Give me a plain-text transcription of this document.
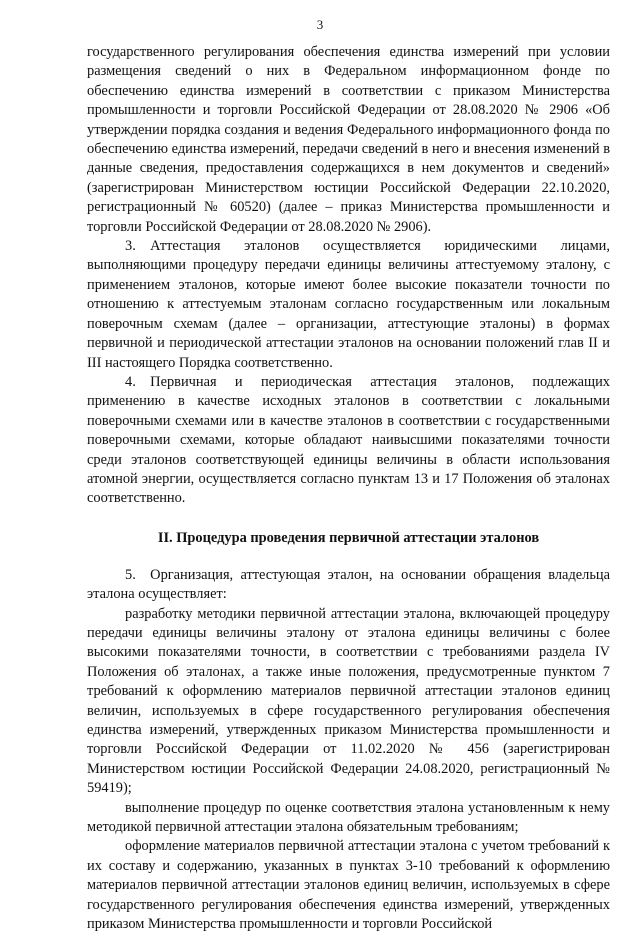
3

государственного регулирования обеспечения единства измерений при условии размещения сведений о них в Федеральном информационном фонде по обеспечению единства измерений в соответствии с приказом Министерства промышленности и торговли Российской Федерации от 28.08.2020 № 2906 «Об утверждении порядка создания и ведения Федерального информационного фонда по обеспечению единства измерений, передачи сведений в него и внесения изменений в данные сведения, предоставления содержащихся в нем документов и сведений» (зарегистрирован Министерством юстиции Российской Федерации 22.10.2020, регистрационный № 60520) (далее – приказ Министерства промышленности и торговли Российской Федерации от 28.08.2020 № 2906).

3. Аттестация эталонов осуществляется юридическими лицами, выполняющими процедуру передачи единицы величины аттестуемому эталону, с применением эталонов, которые имеют более высокие показатели точности по отношению к аттестуемым эталонам согласно государственным или локальным поверочным схемам (далее – организации, аттестующие эталоны) в формах первичной и периодической аттестации эталонов на основании положений глав II и III настоящего Порядка соответственно.

4. Первичная и периодическая аттестация эталонов, подлежащих применению в качестве исходных эталонов в соответствии с локальными поверочными схемами или в качестве эталонов в соответствии с государственными поверочными схемами, которые обладают наивысшими показателями точности среди эталонов соответствующей единицы величины в области использования атомной энергии, осуществляется согласно пунктам 13 и 17 Положения об эталонах соответственно.

II. Процедура проведения первичной аттестации эталонов

5. Организация, аттестующая эталон, на основании обращения владельца эталона осуществляет:

разработку методики первичной аттестации эталона, включающей процедуру передачи единицы величины эталону от эталона единицы величины с более высокими показателями точности, в соответствии с требованиями раздела IV Положения об эталонах, а также иные положения, предусмотренные пунктом 7 требований к оформлению материалов первичной аттестации эталонов единиц величин, используемых в сфере государственного регулирования обеспечения единства измерений, утвержденных приказом Министерства промышленности и торговли Российской Федерации от 11.02.2020 № 456 (зарегистрирован Министерством юстиции Российской Федерации 24.08.2020, регистрационный № 59419);

выполнение процедур по оценке соответствия эталона установленным к нему методикой первичной аттестации эталона обязательным требованиям;

оформление материалов первичной аттестации эталона с учетом требований к их составу и содержанию, указанных в пунктах 3-10 требований к оформлению материалов первичной аттестации эталонов единиц величин, используемых в сфере государственного регулирования обеспечения единства измерений, утвержденных приказом Министерства промышленности и торговли Российской
